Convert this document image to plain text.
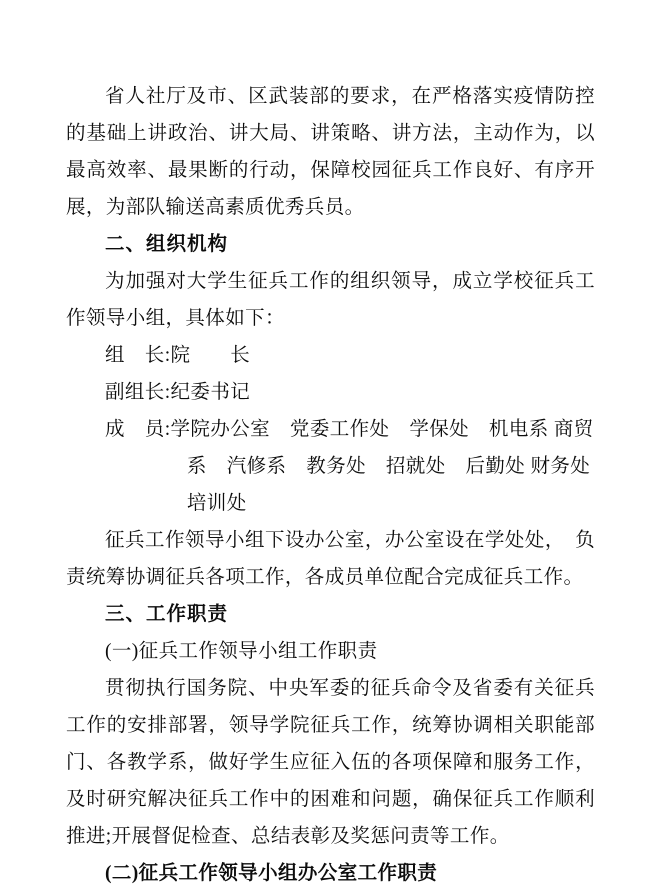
省人社厅及市、区武装部的要求，在严格落实疫情防控的基础上讲政治、讲大局、讲策略、讲方法，主动作为，以最高效率、最果断的行动，保障校园征兵工作良好、有序开展，为部队输送高素质优秀兵员。

二、组织机构

为加强对大学生征兵工作的组织领导，成立学校征兵工作领导小组，具体如下：

组　长:院　　长

副组长:纪委书记

成　员:学院办公室　党委工作处　学保处　机电系 商贸

系　汽修系　教务处　招就处　后勤处 财务处

培训处

征兵工作领导小组下设办公室，办公室设在学处处，　负责统筹协调征兵各项工作，各成员单位配合完成征兵工作。

三、工作职责

(一)征兵工作领导小组工作职责

贯彻执行国务院、中央军委的征兵命令及省委有关征兵工作的安排部署，领导学院征兵工作，统筹协调相关职能部门、各教学系，做好学生应征入伍的各项保障和服务工作，及时研究解决征兵工作中的困难和问题，确保征兵工作顺利推进;开展督促检查、总结表彰及奖惩问责等工作。

(二)征兵工作领导小组办公室工作职责
